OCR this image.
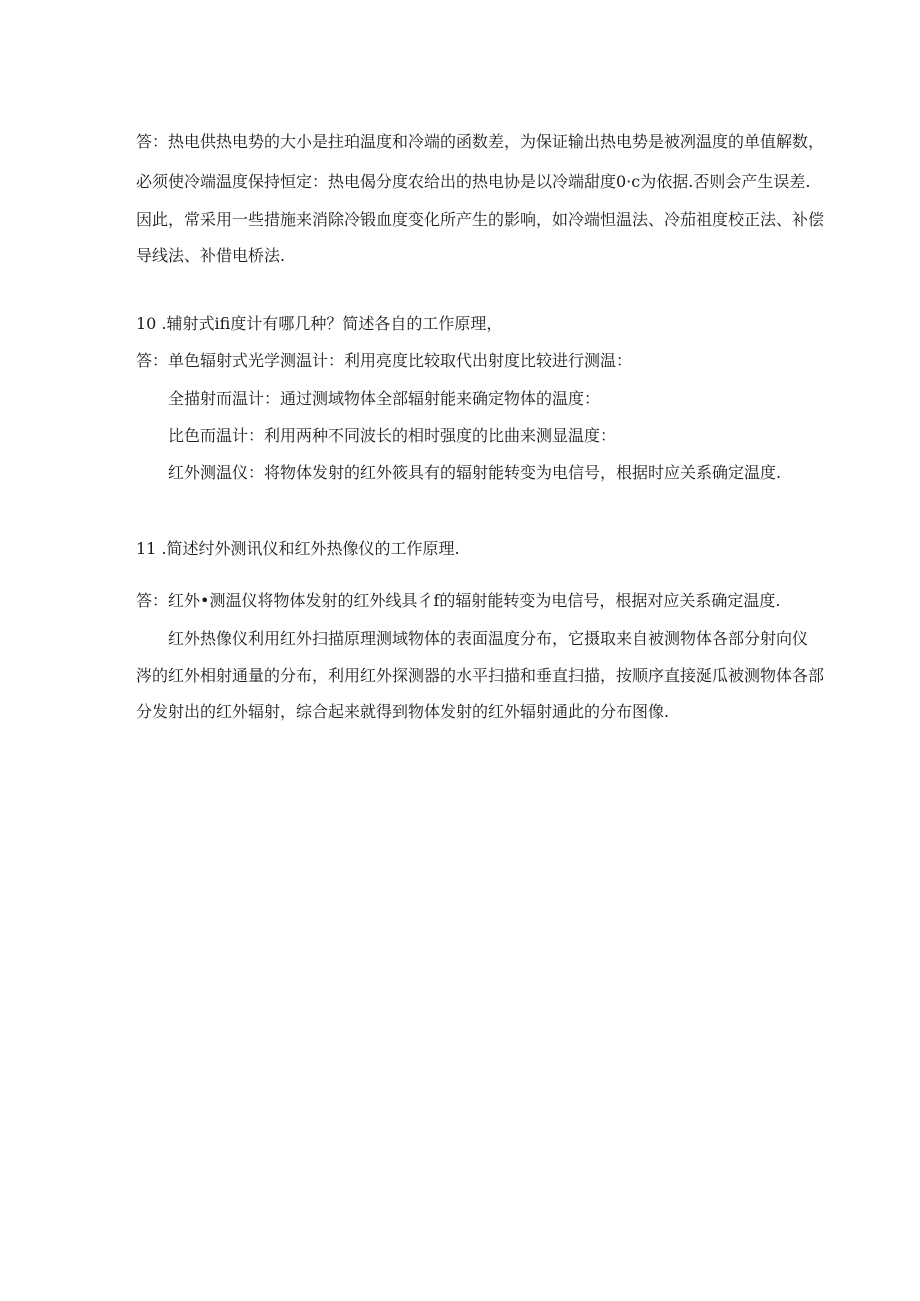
答：热电供热电势的大小是拄珀温度和冷端的函数差，为保证输出热电势是被冽温度的单值解数，
必须使冷端温度保持恒定：热电偈分度农给出的热电协是以冷端甜度0·c为依据.否则会产生误差.
因此，常采用一些措施来消除冷锻血度变化所产生的影响，如冷端怛温法、冷茄祖度校正法、补偿
导线法、补借电桥法.
10 .辅射式ifi度计有哪几种？简述各自的工作原理，
答：单色辐射式光学测温计：利用亮度比较取代出射度比较进行测温：
全描射而温计：通过测域物体全部辐射能来确定物体的温度：
比色而温计：利用两种不同波长的相时强度的比曲来测显温度：
红外测温仪：将物体发射的红外筱具有的辐射能转变为电信号，根据时应关系确定温度.
11 .简述纣外测讯仪和红外热像仪的工作原理.
答：红外•测温仪将物体发射的红外线具彳f的辐射能转变为电信号，根据对应关系确定温度.
红外热像仪利用红外扫描原理测域物体的表面温度分布，它摄取来自被测物体各部分射向仪
涔的红外相射通量的分布，利用红外探测器的水平扫描和垂直扫描，按顺序直接涎瓜被测物体各部
分发射出的红外辐射，综合起来就得到物体发射的红外辐射通此的分布图像.
